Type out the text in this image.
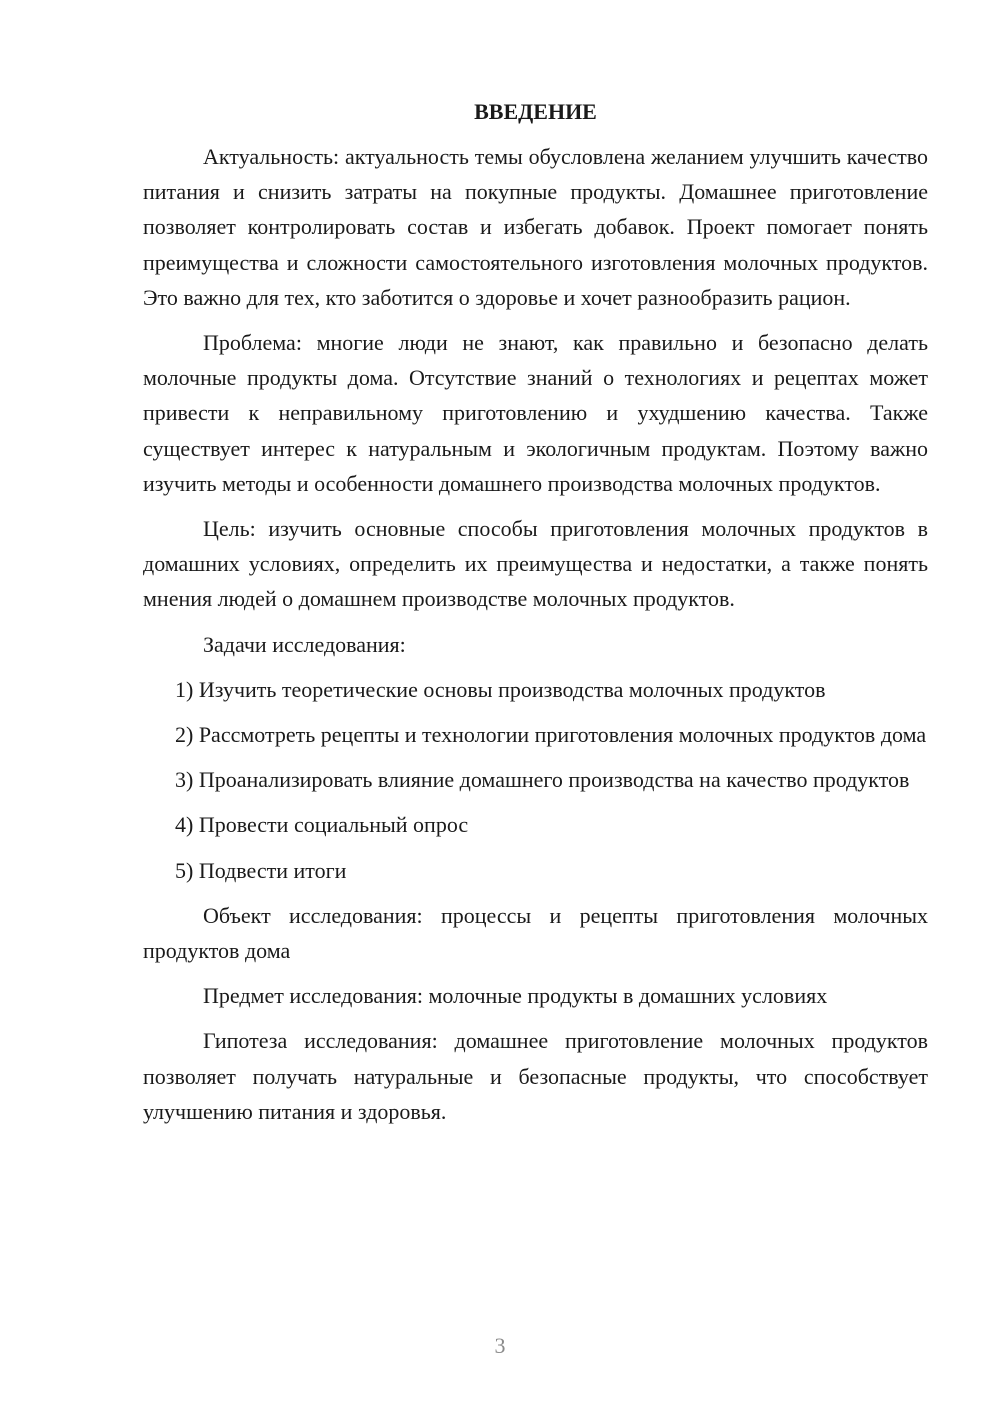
ВВЕДЕНИЕ

Актуальность: актуальность темы обусловлена желанием улучшить качество питания и снизить затраты на покупные продукты. Домашнее приготовление позволяет контролировать состав и избегать добавок. Проект помогает понять преимущества и сложности самостоятельного изготовления молочных продуктов. Это важно для тех, кто заботится о здоровье и хочет разнообразить рацион.

Проблема: многие люди не знают, как правильно и безопасно делать молочные продукты дома. Отсутствие знаний о технологиях и рецептах может привести к неправильному приготовлению и ухудшению качества. Также существует интерес к натуральным и экологичным продуктам. Поэтому важно изучить методы и особенности домашнего производства молочных продуктов.

Цель: изучить основные способы приготовления молочных продуктов в домашних условиях, определить их преимущества и недостатки, а также понять мнения людей о домашнем производстве молочных продуктов.

Задачи исследования:

1) Изучить теоретические основы производства молочных продуктов

2) Рассмотреть рецепты и технологии приготовления молочных продуктов дома

3) Проанализировать влияние домашнего производства на качество продуктов

4) Провести социальный опрос

5) Подвести итоги

Объект исследования: процессы и рецепты приготовления молочных продуктов дома

Предмет исследования: молочные продукты в домашних условиях

Гипотеза исследования: домашнее приготовление молочных продуктов позволяет получать натуральные и безопасные продукты, что способствует улучшению питания и здоровья.

3
